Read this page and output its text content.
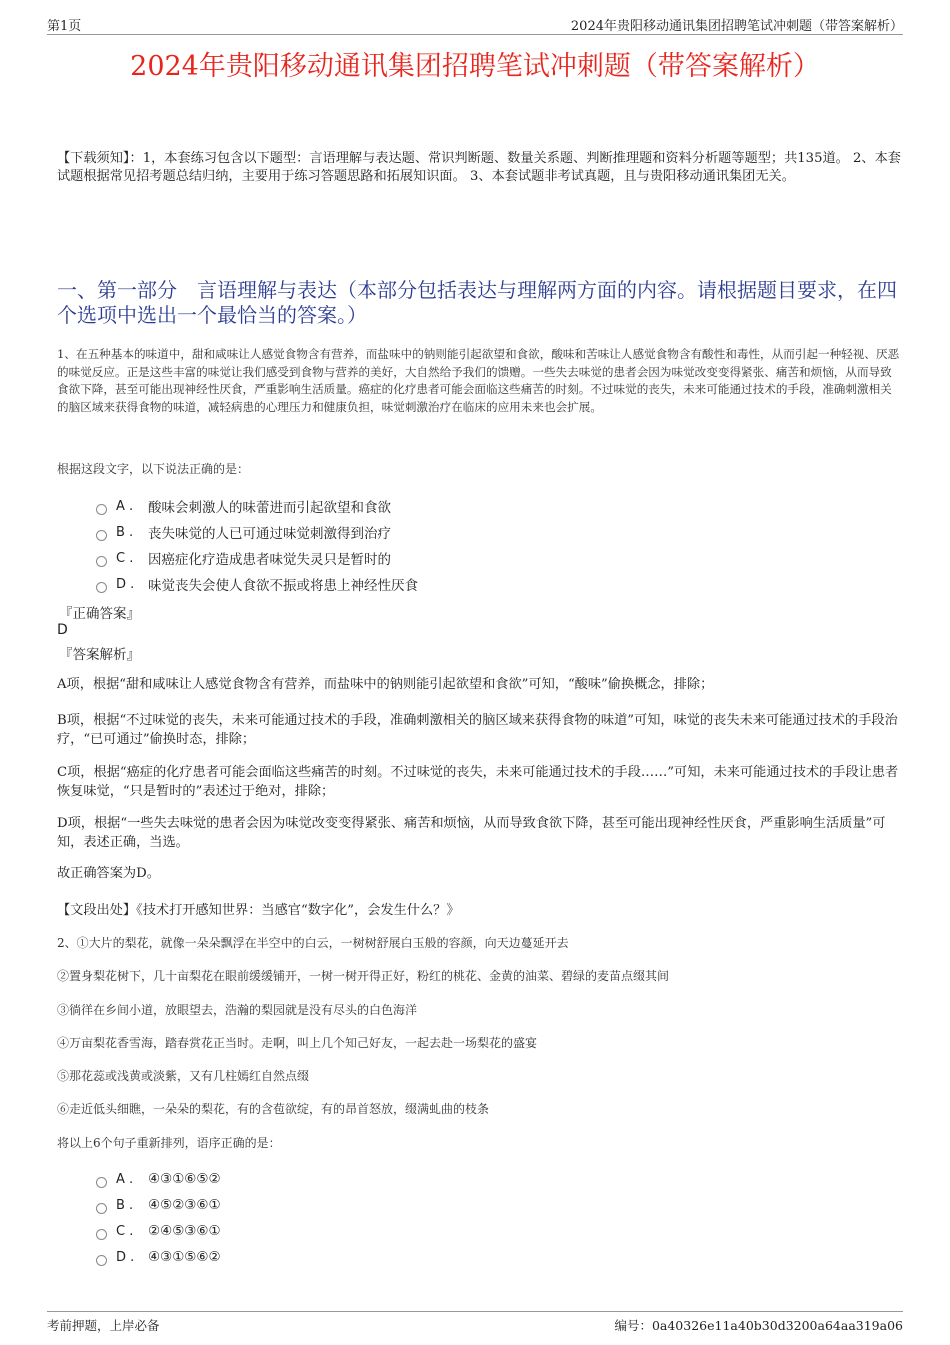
第1页	2024年贵阳移动通讯集团招聘笔试冲刺题（带答案解析）
2024年贵阳移动通讯集团招聘笔试冲刺题（带答案解析）
【下载须知】：1，本套练习包含以下题型：言语理解与表达题、常识判断题、数量关系题、判断推理题和资料分析题等题型；共135道。 2、本套试题根据常见招考题总结归纳，主要用于练习答题思路和拓展知识面。 3、本套试题非考试真题，且与贵阳移动通讯集团无关。
一、第一部分　言语理解与表达（本部分包括表达与理解两方面的内容。请根据题目要求，在四个选项中选出一个最恰当的答案。）
1、在五种基本的味道中，甜和咸味让人感觉食物含有营养，而盐味中的钠则能引起欲望和食欲，酸味和苦味让人感觉食物含有酸性和毒性，从而引起一种轻视、厌恶的味觉反应。正是这些丰富的味觉让我们感受到食物与营养的美好，大自然给予我们的馈赠。一些失去味觉的患者会因为味觉改变变得紧张、痛苦和烦恼，从而导致食欲下降，甚至可能出现神经性厌食，严重影响生活质量。癌症的化疗患者可能会面临这些痛苦的时刻。不过味觉的丧失，未来可能通过技术的手段，准确刺激相关的脑区域来获得食物的味道，减轻病患的心理压力和健康负担，味觉刺激治疗在临床的应用未来也会扩展。
根据这段文字，以下说法正确的是：
A .	酸味会刺激人的味蕾进而引起欲望和食欲
B .	丧失味觉的人已可通过味觉刺激得到治疗
C .	因癌症化疗造成患者味觉失灵只是暂时的
D .	味觉丧失会使人食欲不振或将患上神经性厌食
『正确答案』
D
『答案解析』
A项，根据“甜和咸味让人感觉食物含有营养，而盐味中的钠则能引起欲望和食欲”可知，“酸味”偷换概念，排除；
B项，根据“不过味觉的丧失，未来可能通过技术的手段，准确刺激相关的脑区域来获得食物的味道”可知，味觉的丧失未来可能通过技术的手段治疗，“已可通过”偷换时态，排除；
C项，根据“癌症的化疗患者可能会面临这些痛苦的时刻。不过味觉的丧失，未来可能通过技术的手段……”可知，未来可能通过技术的手段让患者恢复味觉，“只是暂时的”表述过于绝对，排除；
D项，根据“一些失去味觉的患者会因为味觉改变变得紧张、痛苦和烦恼，从而导致食欲下降，甚至可能出现神经性厌食，严重影响生活质量”可知，表述正确，当选。
故正确答案为D。
【文段出处】《技术打开感知世界：当感官“数字化”，会发生什么？》
2、①大片的梨花，就像一朵朵飘浮在半空中的白云，一树树舒展白玉般的容颜，向天边蔓延开去
②置身梨花树下，几十亩梨花在眼前缓缓铺开，一树一树开得正好，粉红的桃花、金黄的油菜、碧绿的麦苗点缀其间
③徜徉在乡间小道，放眼望去，浩瀚的梨园就是没有尽头的白色海洋
④万亩梨花香雪海，踏春赏花正当时。走啊，叫上几个知己好友，一起去赴一场梨花的盛宴
⑤那花蕊或浅黄或淡紫，又有几柱嫣红自然点缀
⑥走近低头细瞧，一朵朵的梨花，有的含苞欲绽，有的昂首怒放，缀满虬曲的枝条
将以上6个句子重新排列，语序正确的是：
A .	④③①⑥⑤②
B .	④⑤②③⑥①
C .	②④⑤③⑥①
D .	④③①⑤⑥②
考前押题，上岸必备	编号：0a40326e11a40b30d3200a64aa319a06
